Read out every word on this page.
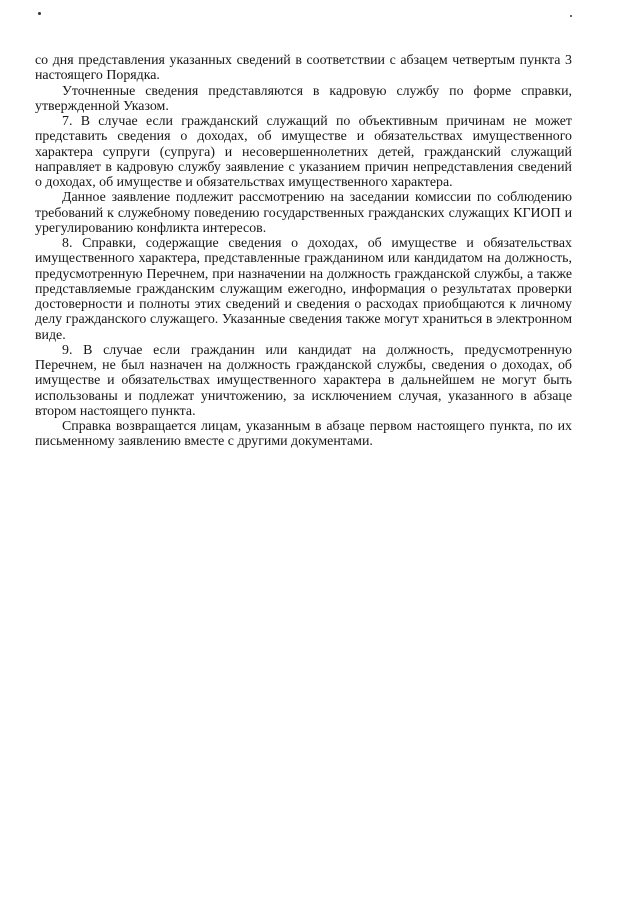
со дня представления указанных сведений в соответствии с абзацем четвертым пункта 3 настоящего Порядка.

Уточненные сведения представляются в кадровую службу по форме справки, утвержденной Указом.

7. В случае если гражданский служащий по объективным причинам не может представить сведения о доходах, об имуществе и обязательствах имущественного характера супруги (супруга) и несовершеннолетних детей, гражданский служащий направляет в кадровую службу заявление с указанием причин непредставления сведений о доходах, об имуществе и обязательствах имущественного характера.

Данное заявление подлежит рассмотрению на заседании комиссии по соблюдению требований к служебному поведению государственных гражданских служащих КГИОП и урегулированию конфликта интересов.

8. Справки, содержащие сведения о доходах, об имуществе и обязательствах имущественного характера, представленные гражданином или кандидатом на должность, предусмотренную Перечнем, при назначении на должность гражданской службы, а также представляемые гражданским служащим ежегодно, информация о результатах проверки достоверности и полноты этих сведений и сведения о расходах приобщаются к личному делу гражданского служащего. Указанные сведения также могут храниться в электронном виде.

9. В случае если гражданин или кандидат на должность, предусмотренную Перечнем, не был назначен на должность гражданской службы, сведения о доходах, об имуществе и обязательствах имущественного характера в дальнейшем не могут быть использованы и подлежат уничтожению, за исключением случая, указанного в абзаце втором настоящего пункта.

Справка возвращается лицам, указанным в абзаце первом настоящего пункта, по их письменному заявлению вместе с другими документами.
